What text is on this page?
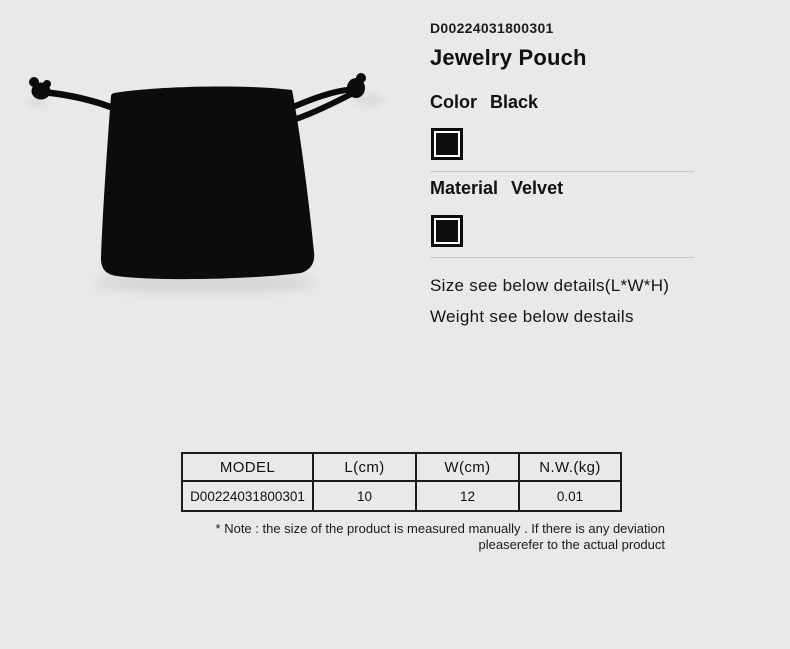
D00224031800301
Jewelry Pouch
Color Black
Material Velvet
Size see below details(L*W*H)
Weight see below destails
MODEL	L(cm)	W(cm)	N.W.(kg)
D00224031800301	10	12	0.01
* Note : the size of the product is measured manually . If there is any deviation
pleaserefer to the actual product
